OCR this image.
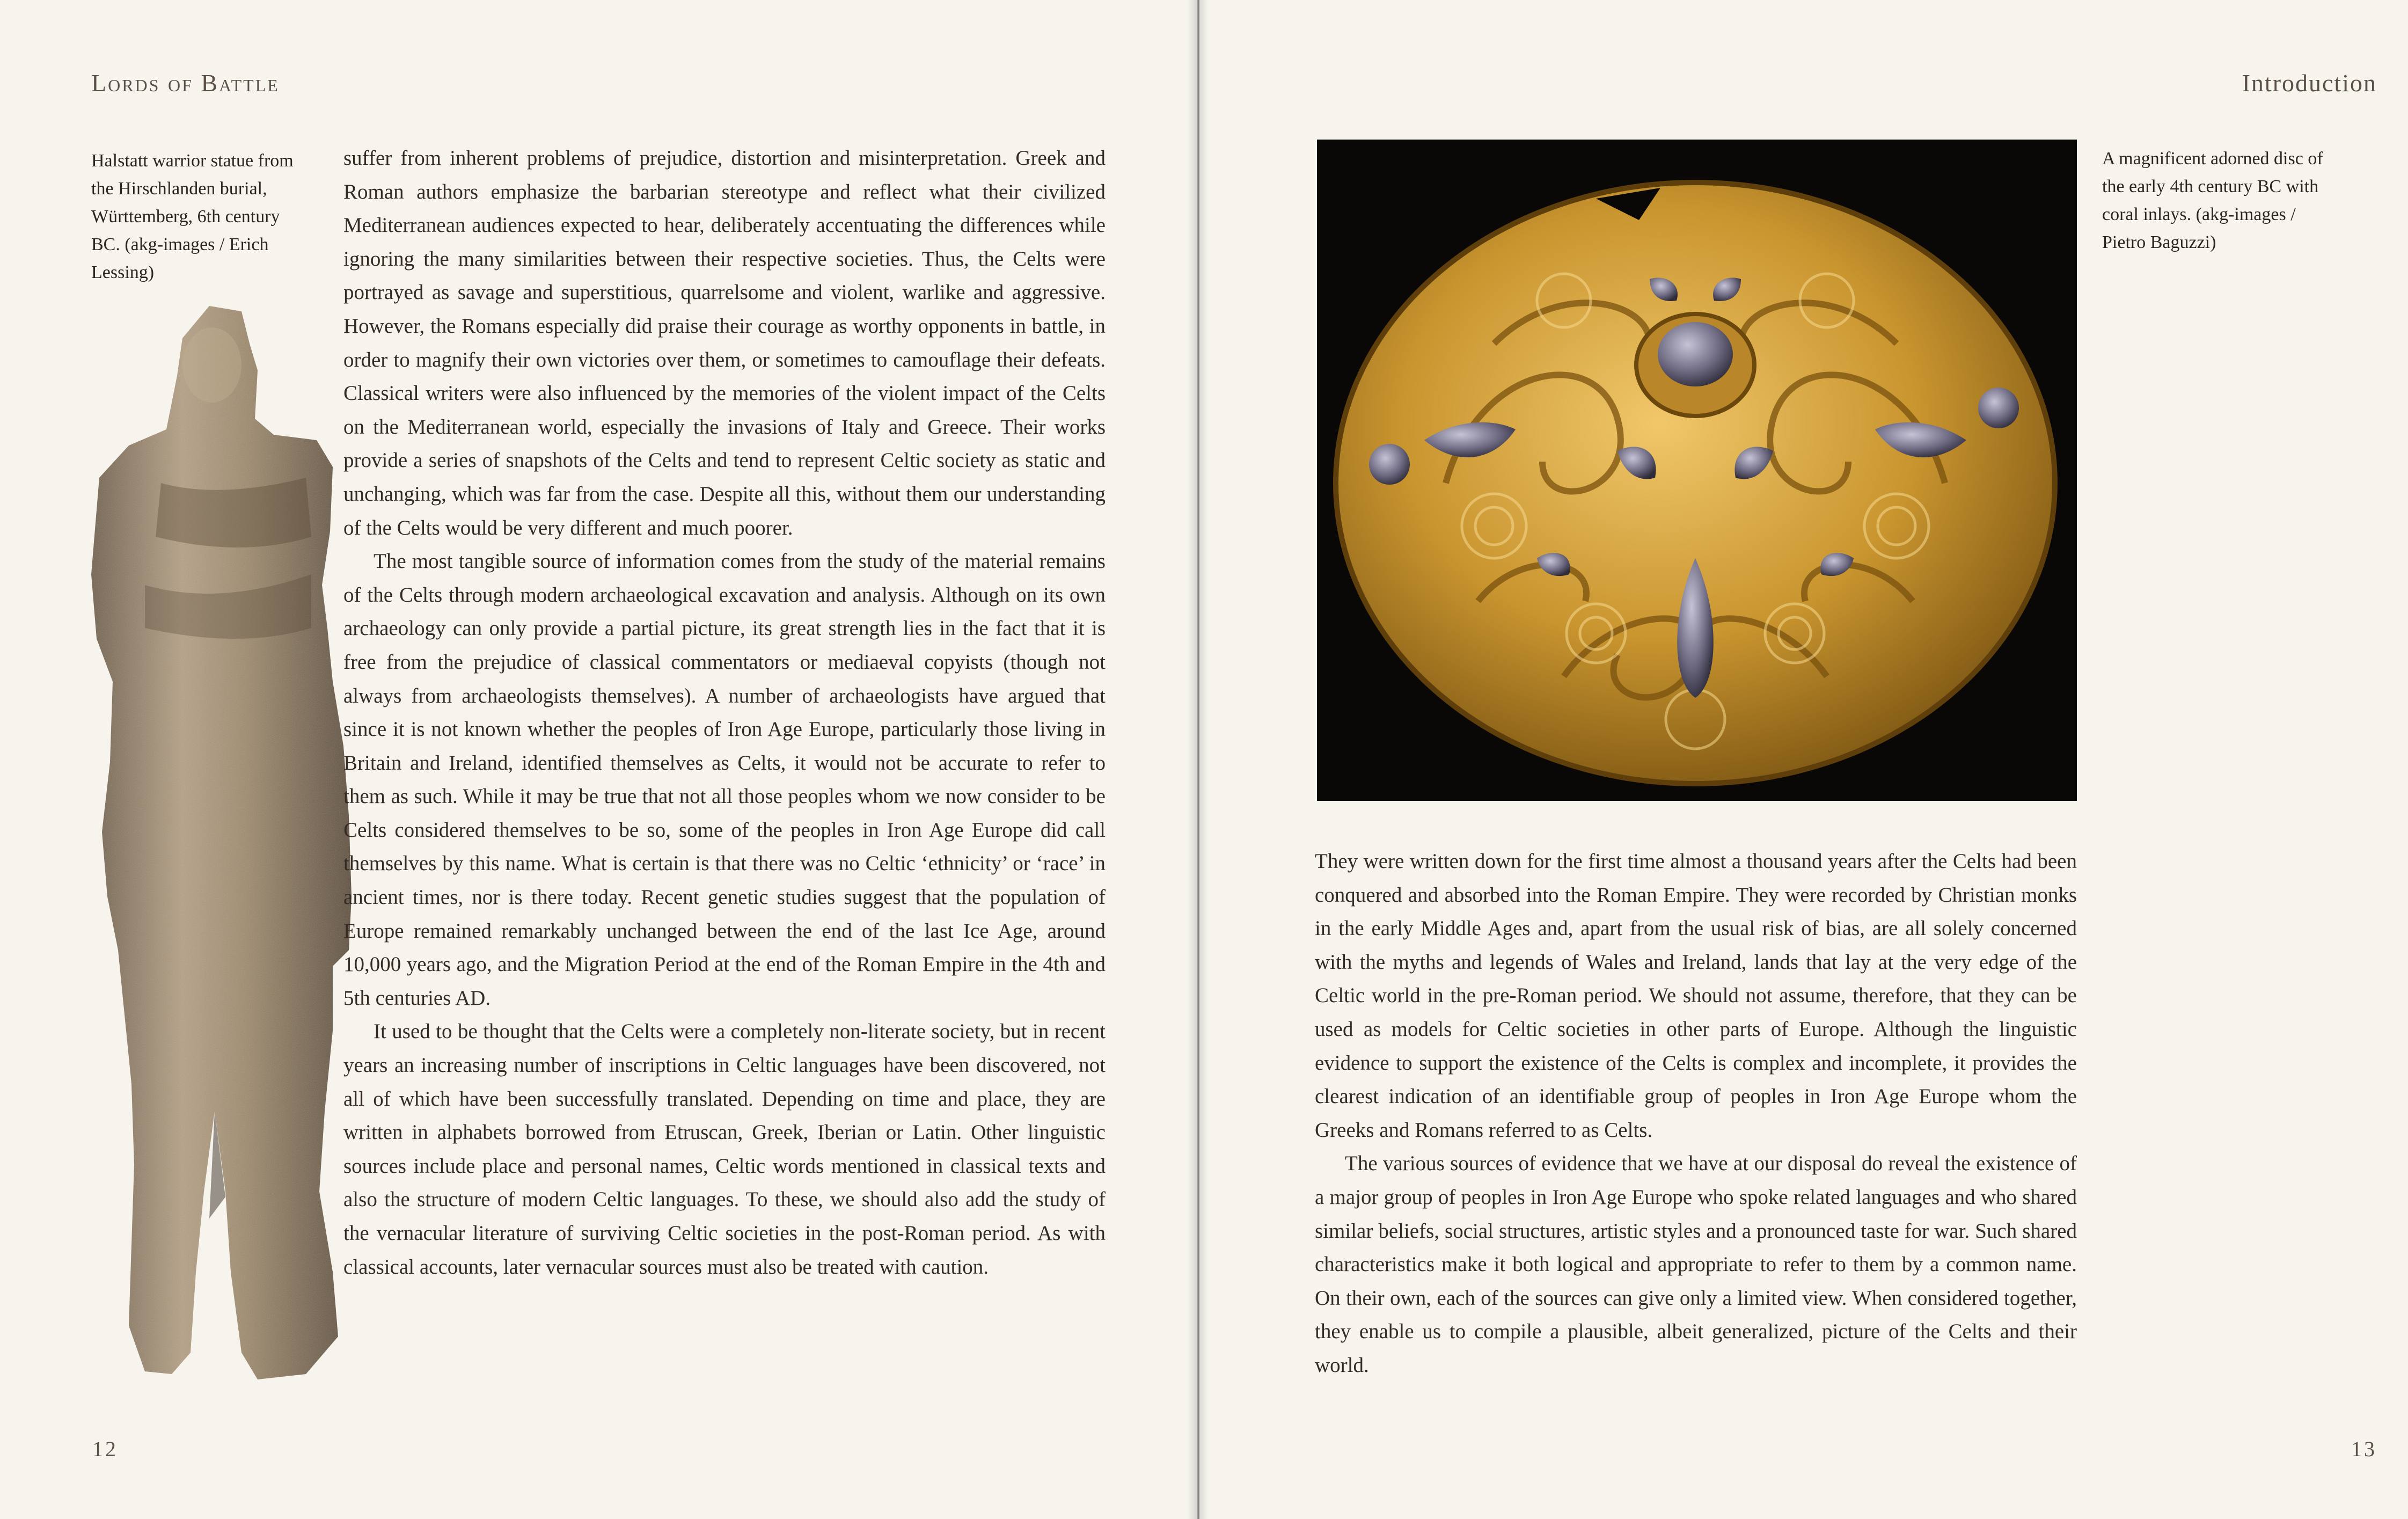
Lords of Battle
Halstatt warrior statue from the Hirschlanden burial, Württemberg, 6th century BC. (akg-images / Erich Lessing)

suffer from inherent problems of prejudice, distortion and misinterpretation. Greek and Roman authors emphasize the barbarian stereotype and reflect what their civilized Mediterranean audiences expected to hear, deliberately accentuating the differences while ignoring the many similarities between their respective societies. Thus, the Celts were portrayed as savage and superstitious, quarrelsome and violent, warlike and aggressive. However, the Romans especially did praise their courage as worthy opponents in battle, in order to magnify their own victories over them, or sometimes to camouflage their defeats. Classical writers were also influenced by the memories of the violent impact of the Celts on the Mediterranean world, especially the invasions of Italy and Greece. Their works provide a series of snapshots of the Celts and tend to represent Celtic society as static and unchanging, which was far from the case. Despite all this, without them our understanding of the Celts would be very different and much poorer.

The most tangible source of information comes from the study of the material remains of the Celts through modern archaeological excavation and analysis. Although on its own archaeology can only provide a partial picture, its great strength lies in the fact that it is free from the prejudice of classical commentators or mediaeval copyists (though not always from archaeologists themselves). A number of archaeologists have argued that since it is not known whether the peoples of Iron Age Europe, particularly those living in Britain and Ireland, identified themselves as Celts, it would not be accurate to refer to them as such. While it may be true that not all those peoples whom we now consider to be Celts considered themselves to be so, some of the peoples in Iron Age Europe did call themselves by this name. What is certain is that there was no Celtic ‘ethnicity’ or ‘race’ in ancient times, nor is there today. Recent genetic studies suggest that the population of Europe remained remarkably unchanged between the end of the last Ice Age, around 10,000 years ago, and the Migration Period at the end of the Roman Empire in the 4th and 5th centuries AD.

It used to be thought that the Celts were a completely non-literate society, but in recent years an increasing number of inscriptions in Celtic languages have been discovered, not all of which have been successfully translated. Depending on time and place, they are written in alphabets borrowed from Etruscan, Greek, Iberian or Latin. Other linguistic sources include place and personal names, Celtic words mentioned in classical texts and also the structure of modern Celtic languages. To these, we should also add the study of the vernacular literature of surviving Celtic societies in the post-Roman period. As with classical accounts, later vernacular sources must also be treated with caution.

12
Introduction
A magnificent adorned disc of the early 4th century BC with coral inlays. (akg-images / Pietro Baguzzi)

They were written down for the first time almost a thousand years after the Celts had been conquered and absorbed into the Roman Empire. They were recorded by Christian monks in the early Middle Ages and, apart from the usual risk of bias, are all solely concerned with the myths and legends of Wales and Ireland, lands that lay at the very edge of the Celtic world in the pre-Roman period. We should not assume, therefore, that they can be used as models for Celtic societies in other parts of Europe. Although the linguistic evidence to support the existence of the Celts is complex and incomplete, it provides the clearest indication of an identifiable group of peoples in Iron Age Europe whom the Greeks and Romans referred to as Celts.

The various sources of evidence that we have at our disposal do reveal the existence of a major group of peoples in Iron Age Europe who spoke related languages and who shared similar beliefs, social structures, artistic styles and a pronounced taste for war. Such shared characteristics make it both logical and appropriate to refer to them by a common name. On their own, each of the sources can give only a limited view. When considered together, they enable us to compile a plausible, albeit generalized, picture of the Celts and their world.

13
